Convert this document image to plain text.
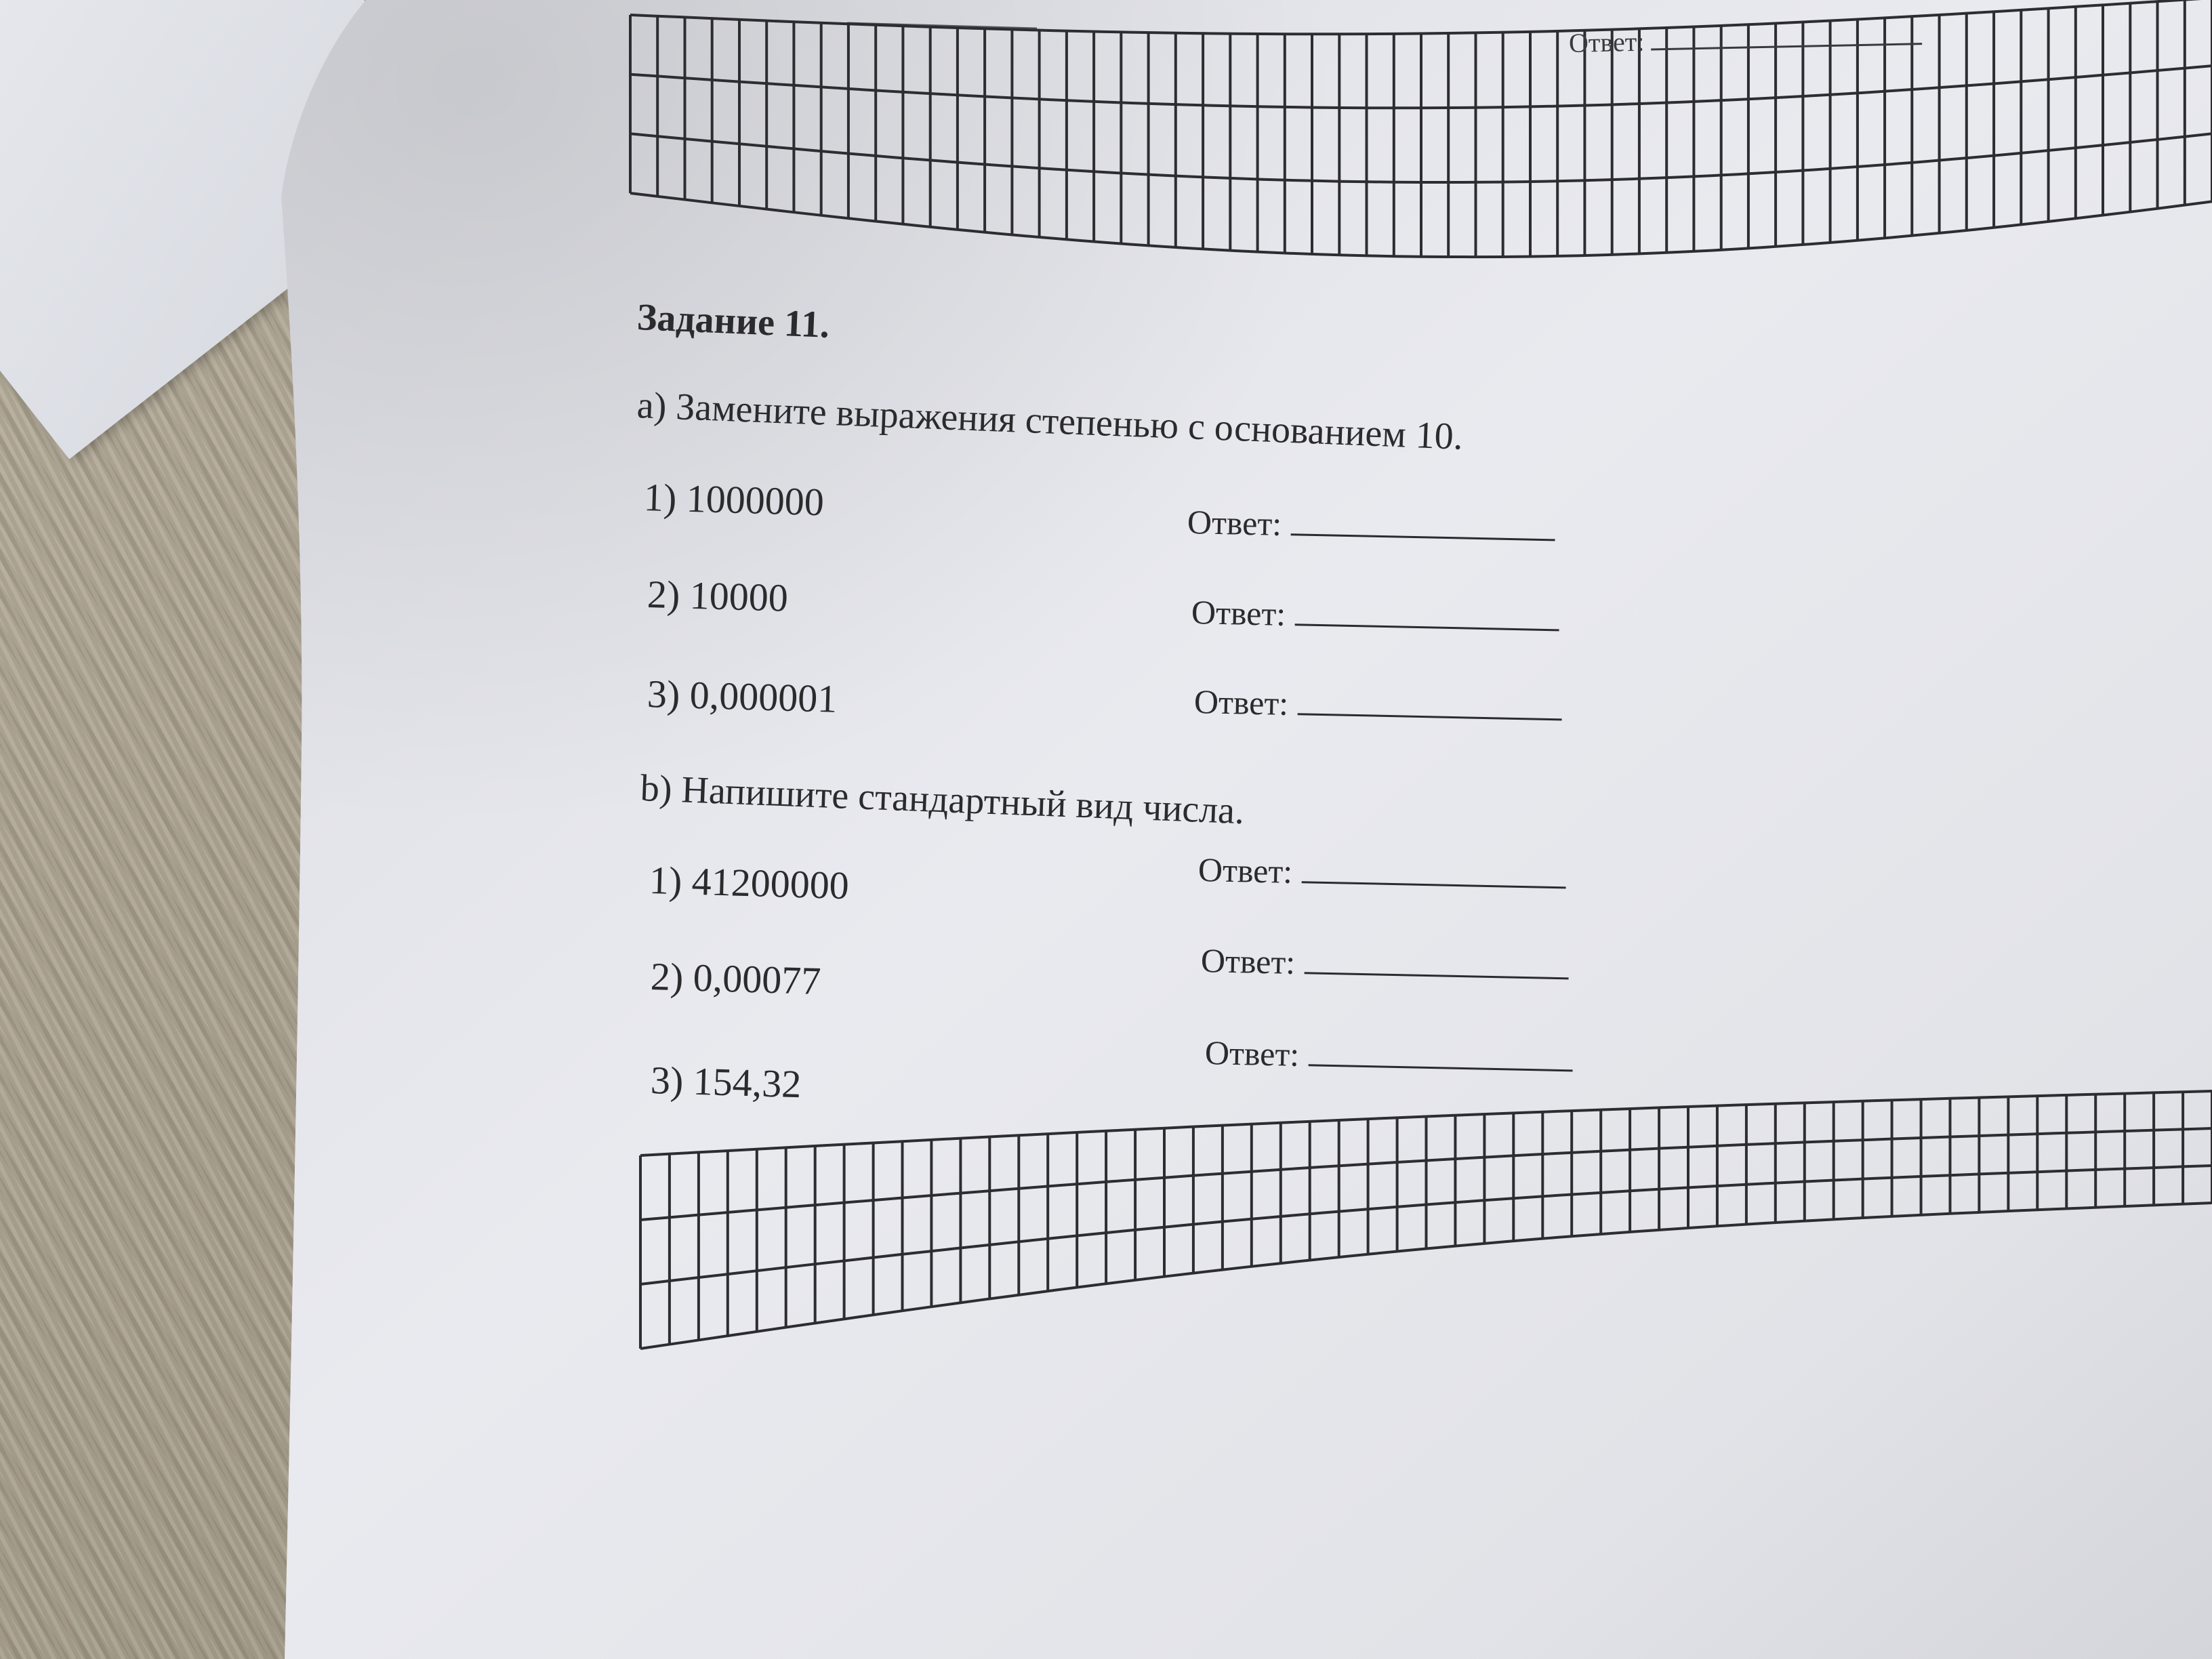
Ответ:
Задание 11.
a) Замените выражения степенью с основанием 10.
1) 1000000	Ответ:
2) 10000	Ответ:
3) 0,000001	Ответ:
b) Напишите стандартный вид числа.
1) 41200000	Ответ:
2) 0,00077	Ответ:
3) 154,32
Ответ:
